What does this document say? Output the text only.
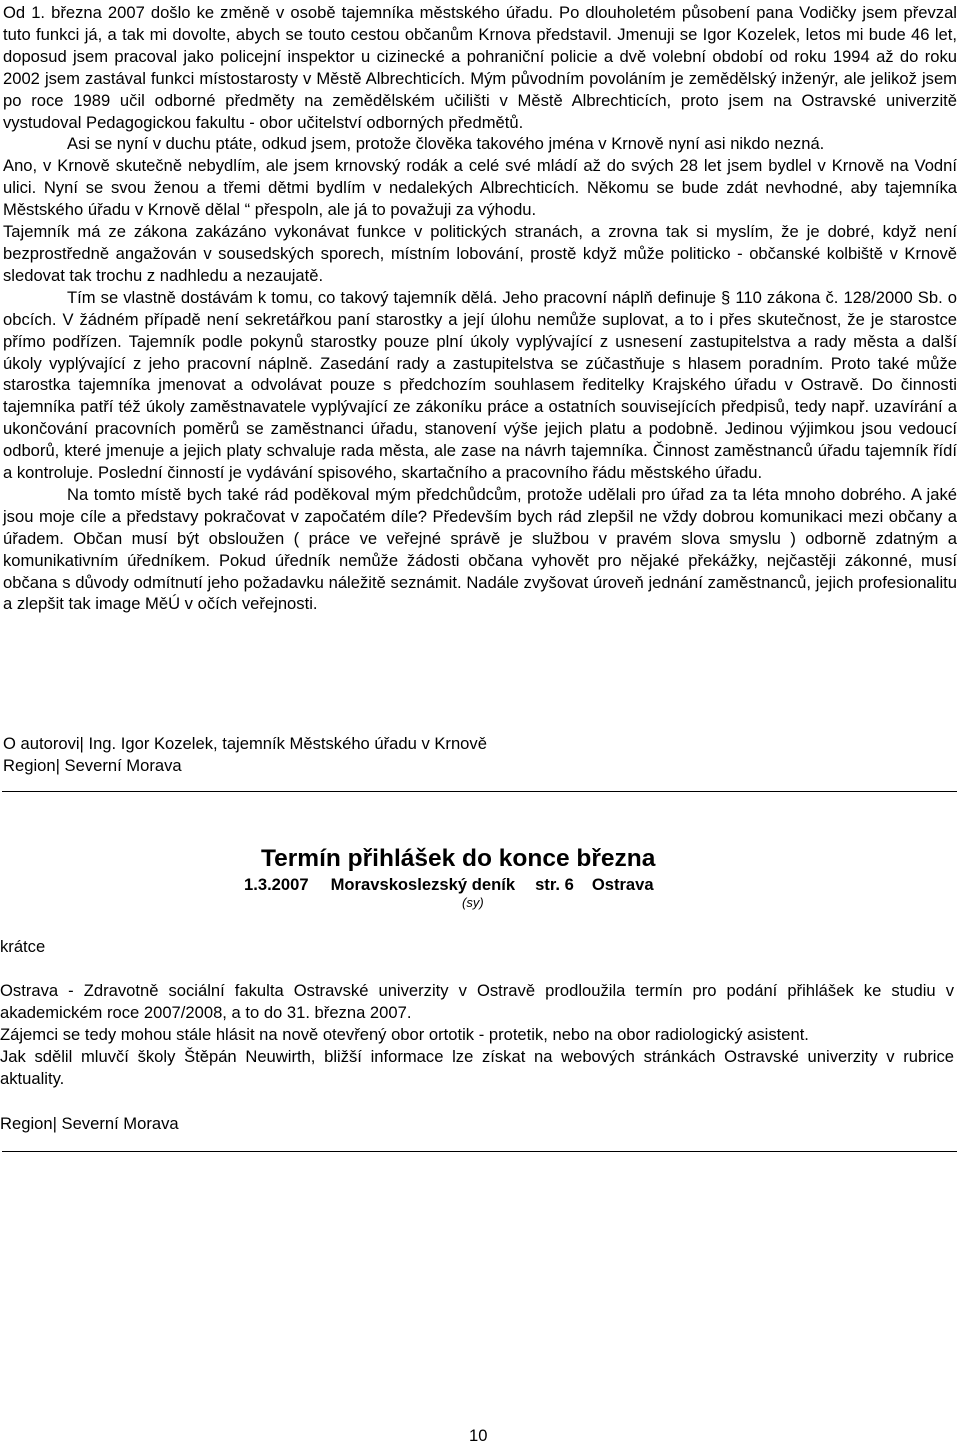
Od 1. března 2007 došlo ke změně v osobě tajemníka městského úřadu. Po dlouholetém působení pana Vodičky jsem převzal tuto funkci já, a tak mi dovolte, abych se touto cestou občanům Krnova představil. Jmenuji se Igor Kozelek, letos mi bude 46 let, doposud jsem pracoval jako policejní inspektor u cizinecké a pohraniční policie a dvě volební období od roku 1994 až do roku 2002 jsem zastával funkci místostarosty v Městě Albrechticích. Mým původním povoláním je zemědělský inženýr, ale jelikož jsem po roce 1989 učil odborné předměty na zemědělském učilišti v Městě Albrechticích, proto jsem na Ostravské univerzitě vystudoval Pedagogickou fakultu - obor učitelství odborných předmětů.

Asi se nyní v duchu ptáte, odkud jsem, protože člověka takového jména v Krnově nyní asi nikdo nezná.

Ano, v Krnově skutečně nebydlím, ale jsem krnovský rodák a celé své mládí až do svých 28 let jsem bydlel v Krnově na Vodní ulici. Nyní se svou ženou a třemi dětmi bydlím v nedalekých Albrechticích. Někomu se bude zdát nevhodné, aby tajemníka Městského úřadu v Krnově dělal “ přespoln, ale já to považuji za výhodu.

Tajemník má ze zákona zakázáno vykonávat funkce v politických stranách, a zrovna tak si myslím, že je dobré, když není bezprostředně angažován v sousedských sporech, místním lobování, prostě když může politicko - občanské kolbiště v Krnově sledovat tak trochu z nadhledu a nezaujatě.

Tím se vlastně dostávám k tomu, co takový tajemník dělá. Jeho pracovní náplň definuje § 110 zákona č. 128/2000 Sb. o obcích. V žádném případě není sekretářkou paní starostky a její úlohu nemůže suplovat, a to i přes skutečnost, že je starostce přímo podřízen. Tajemník podle pokynů starostky pouze plní úkoly vyplývající z usnesení zastupitelstva a rady města a další úkoly vyplývající z jeho pracovní náplně. Zasedání rady a zastupitelstva se zúčastňuje s hlasem poradním. Proto také může starostka tajemníka jmenovat a odvolávat pouze s předchozím souhlasem ředitelky Krajského úřadu v Ostravě. Do činnosti tajemníka patří též úkoly zaměstnavatele vyplývající ze zákoníku práce a ostatních souvisejících předpisů, tedy např. uzavírání a ukončování pracovních poměrů se zaměstnanci úřadu, stanovení výše jejich platu a podobně. Jedinou výjimkou jsou vedoucí odborů, které jmenuje a jejich platy schvaluje rada města, ale zase na návrh tajemníka. Činnost zaměstnanců úřadu tajemník řídí a kontroluje. Poslední činností je vydávání spisového, skartačního a pracovního řádu městského úřadu.

Na tomto místě bych také rád poděkoval mým předchůdcům, protože udělali pro úřad za ta léta mnoho dobrého. A jaké jsou moje cíle a představy pokračovat v započatém díle? Především bych rád zlepšil ne vždy dobrou komunikaci mezi občany a úřadem. Občan musí být obsloužen ( práce ve veřejné správě je službou v pravém slova smyslu ) odborně zdatným a komunikativním úředníkem. Pokud úředník nemůže žádosti občana vyhovět pro nějaké překážky, nejčastěji zákonné, musí občana s důvody odmítnutí jeho požadavku náležitě seznámit. Nadále zvyšovat úroveň jednání zaměstnanců, jejich profesionalitu a zlepšit tak image MěÚ v očích veřejnosti.

O autorovi| Ing. Igor Kozelek, tajemník Městského úřadu v Krnově
Region| Severní Morava
Termín přihlášek do konce března
1.3.2007 Moravskoslezský deník str. 6 Ostrava
(sy)
krátce

Ostrava - Zdravotně sociální fakulta Ostravské univerzity v Ostravě prodloužila termín pro podání přihlášek ke studiu v akademickém roce 2007/2008, a to do 31. března 2007.

Zájemci se tedy mohou stále hlásit na nově otevřený obor ortotik - protetik, nebo na obor radiologický asistent.

Jak sdělil mluvčí školy Štěpán Neuwirth, bližší informace lze získat na webových stránkách Ostravské univerzity v rubrice aktuality.

Region| Severní Morava
10
